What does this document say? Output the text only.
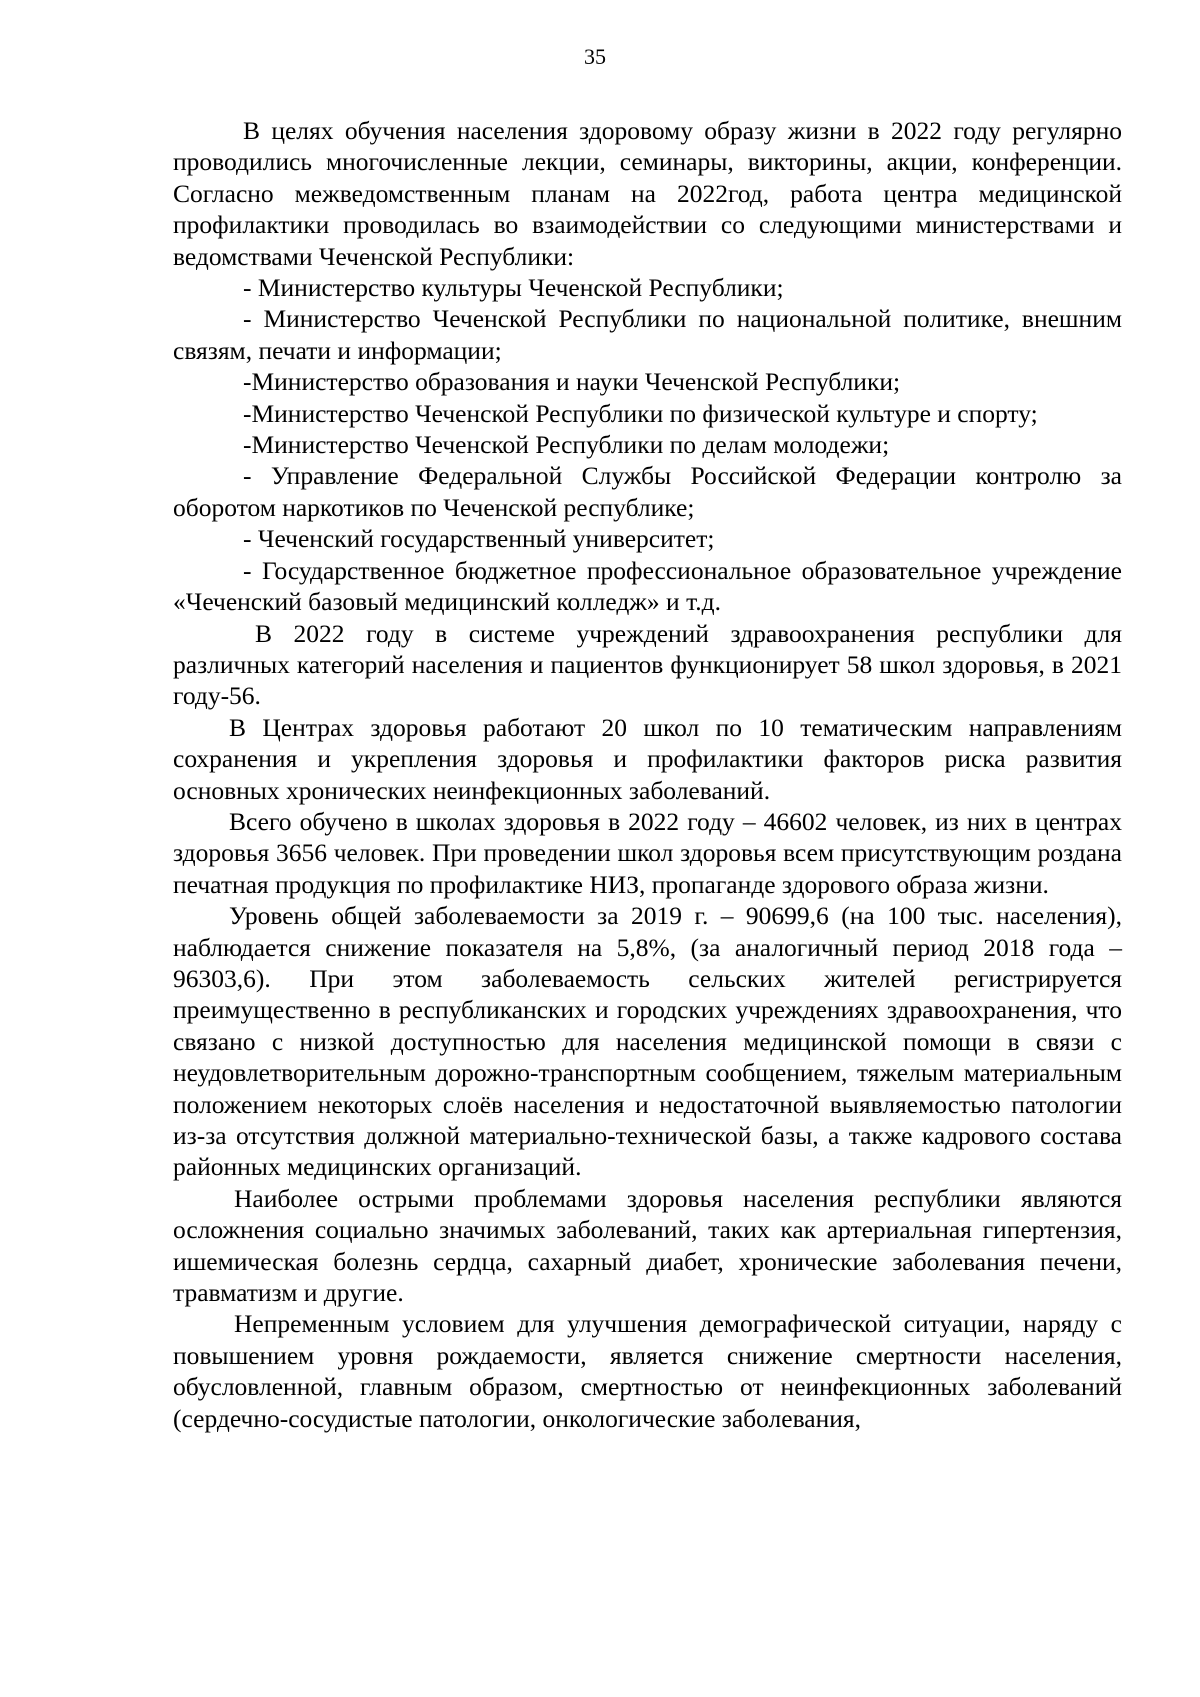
35

В целях обучения населения здоровому образу жизни в 2022 году регулярно проводились многочисленные лекции, семинары, викторины, акции, конференции. Согласно межведомственным планам на 2022год, работа центра медицинской профилактики проводилась во взаимодействии со следующими министерствами и ведомствами Чеченской Республики:

- Министерство культуры Чеченской Республики;

- Министерство Чеченской Республики по национальной политике, внешним связям, печати и информации;

-Министерство образования и науки Чеченской Республики;

-Министерство Чеченской Республики по физической культуре и спорту;

-Министерство Чеченской Республики по делам молодежи;

- Управление Федеральной Службы Российской Федерации контролю за оборотом наркотиков по Чеченской республике;

- Чеченский государственный университет;

- Государственное бюджетное профессиональное образовательное учреждение «Чеченский базовый медицинский колледж» и т.д.

В 2022 году в системе учреждений здравоохранения республики для различных категорий населения и пациентов функционирует 58 школ здоровья, в 2021 году-56.

В Центрах здоровья работают 20 школ по 10 тематическим направлениям сохранения и укрепления здоровья и профилактики факторов риска развития основных хронических неинфекционных заболеваний.

Всего обучено в школах здоровья в 2022 году – 46602 человек, из них в центрах здоровья 3656 человек. При проведении школ здоровья всем присутствующим роздана печатная продукция по профилактике НИЗ, пропаганде здорового образа жизни.

Уровень общей заболеваемости за 2019 г. – 90699,6 (на 100 тыс. населения), наблюдается снижение показателя на 5,8%, (за аналогичный период 2018 года – 96303,6). При этом заболеваемость сельских жителей регистрируется преимущественно в республиканских и городских учреждениях здравоохранения, что связано с низкой доступностью для населения медицинской помощи в связи с неудовлетворительным дорожно-транспортным сообщением, тяжелым материальным положением некоторых слоёв населения и недостаточной выявляемостью патологии из-за отсутствия должной материально-технической базы, а также кадрового состава районных медицинских организаций.

Наиболее острыми проблемами здоровья населения республики являются осложнения социально значимых заболеваний, таких как артериальная гипертензия, ишемическая болезнь сердца, сахарный диабет, хронические заболевания печени, травматизм и другие.

Непременным условием для улучшения демографической ситуации, наряду с повышением уровня рождаемости, является снижение смертности населения, обусловленной, главным образом, смертностью от неинфекционных заболеваний (сердечно-сосудистые патологии, онкологические заболевания,
